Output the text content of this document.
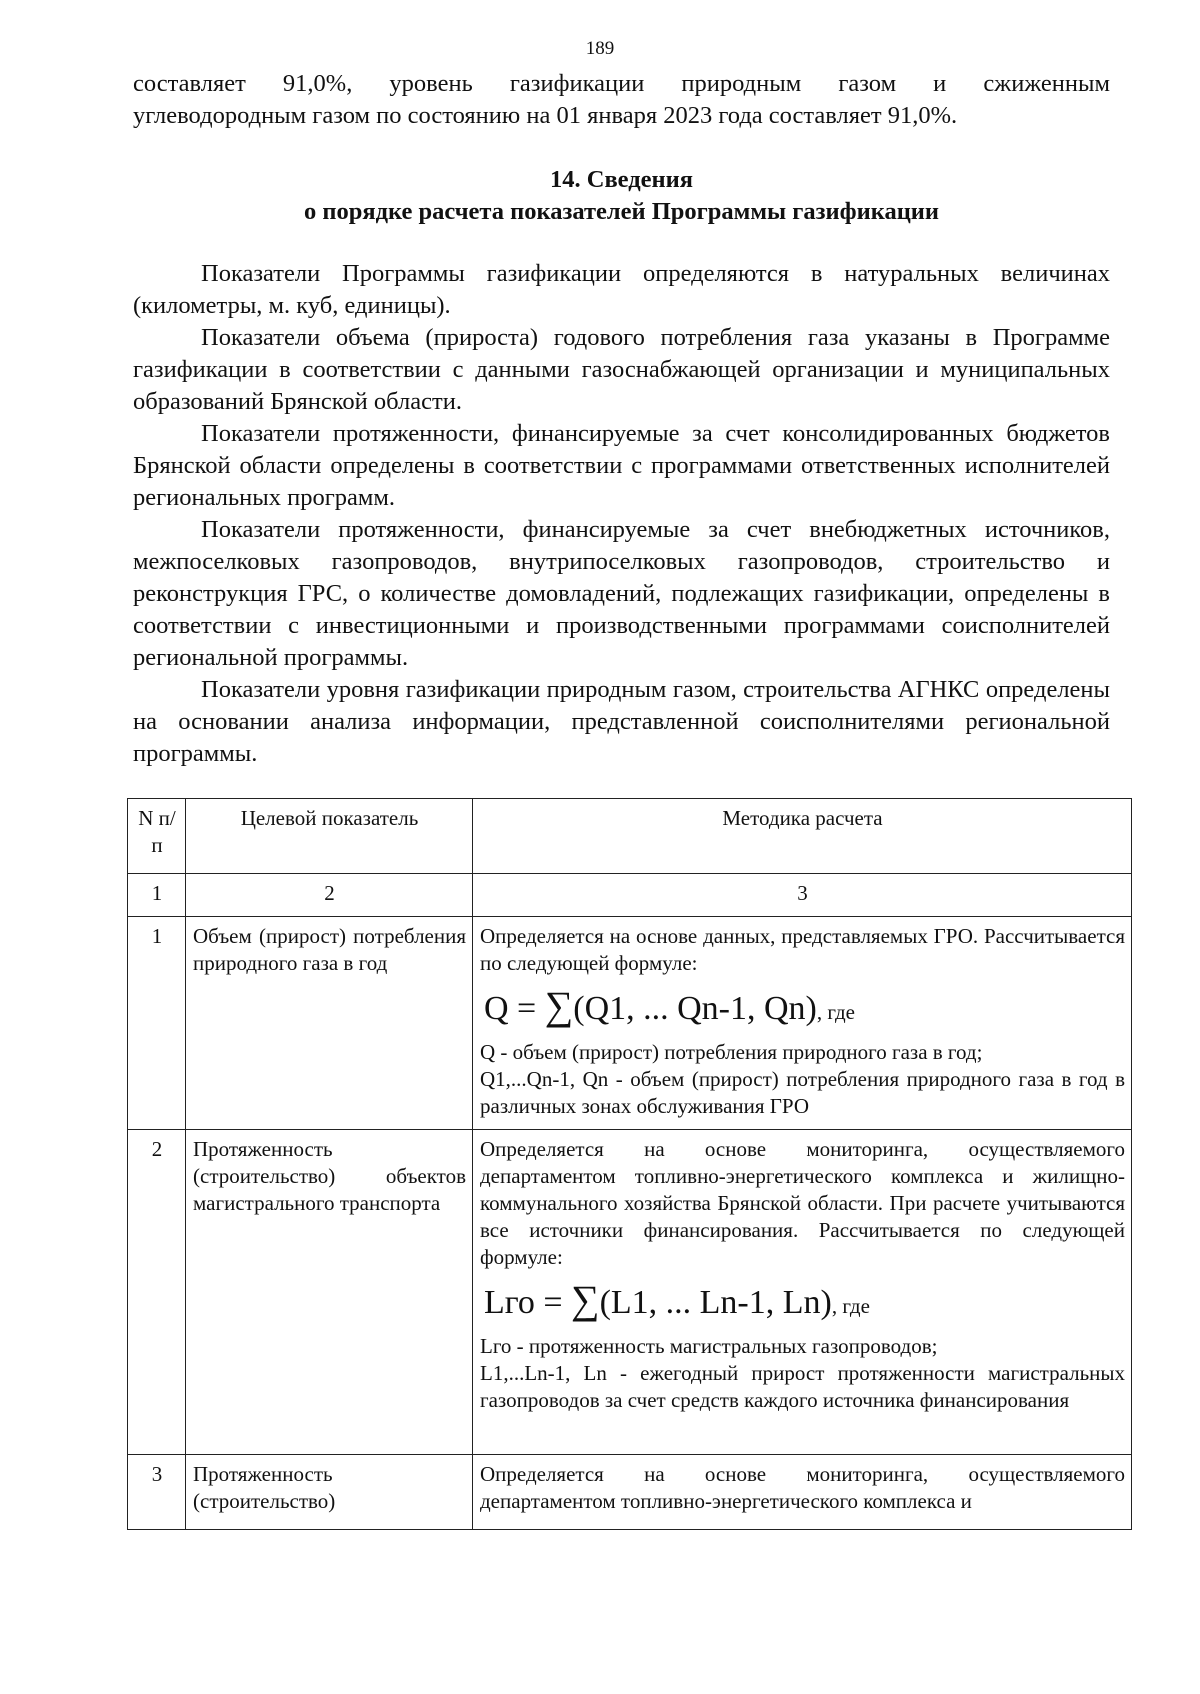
189

составляет 91,0%, уровень газификации природным газом и сжиженным

углеводородным газом по состоянию на 01 января 2023 года составляет 91,0%.

14. Сведения
о порядке расчета показателей Программы газификации

Показатели Программы газификации определяются в натуральных величинах (километры, м. куб, единицы).

Показатели объема (прироста) годового потребления газа указаны в Программе газификации в соответствии с данными газоснабжающей организации и муниципальных образований Брянской области.

Показатели протяженности, финансируемые за счет консолидированных бюджетов Брянской области определены в соответствии с программами ответственных исполнителей региональных программ.

Показатели протяженности, финансируемые за счет внебюджетных источников, межпоселковых газопроводов, внутрипоселковых газопроводов, строительство и реконструкция ГРС, о количестве домовладений, подлежащих газификации, определены в соответствии с инвестиционными и производственными программами соисполнителей региональной программы.

Показатели уровня газификации природным газом, строительства АГНКС определены на основании анализа информации, представленной соисполнителями региональной программы.

N п/п	Целевой показатель	Методика расчета
1	2	3
1	Объем (прирост) потребления природного газа в год	Определяется на основе данных, представляемых ГРО. Рассчитывается по следующей формуле:
Q = ∑(Q1, ... Qn-1, Qn), где
Q - объем (прирост) потребления природного газа в год;
Q1,...Qn-1, Qn - объем (прирост) потребления природного газа в год в различных зонах обслуживания ГРО

2	Протяженность (строительство) объектов магистрального транспорта	Определяется на основе мониторинга, осуществляемого департаментом топливно-энергетического комплекса и жилищно-коммунального хозяйства Брянской области. При расчете учитываются все источники финансирования. Рассчитывается по следующей формуле:
Lго = ∑(L1, ... Ln-1, Ln), где
Lго - протяженность магистральных газопроводов;
L1,...Ln-1, Ln - ежегодный прирост протяженности магистральных газопроводов за счет средств каждого источника финансирования

3	Протяженность (строительство)	Определяется на основе мониторинга, осуществляемого департаментом топливно-энергетического комплекса и
